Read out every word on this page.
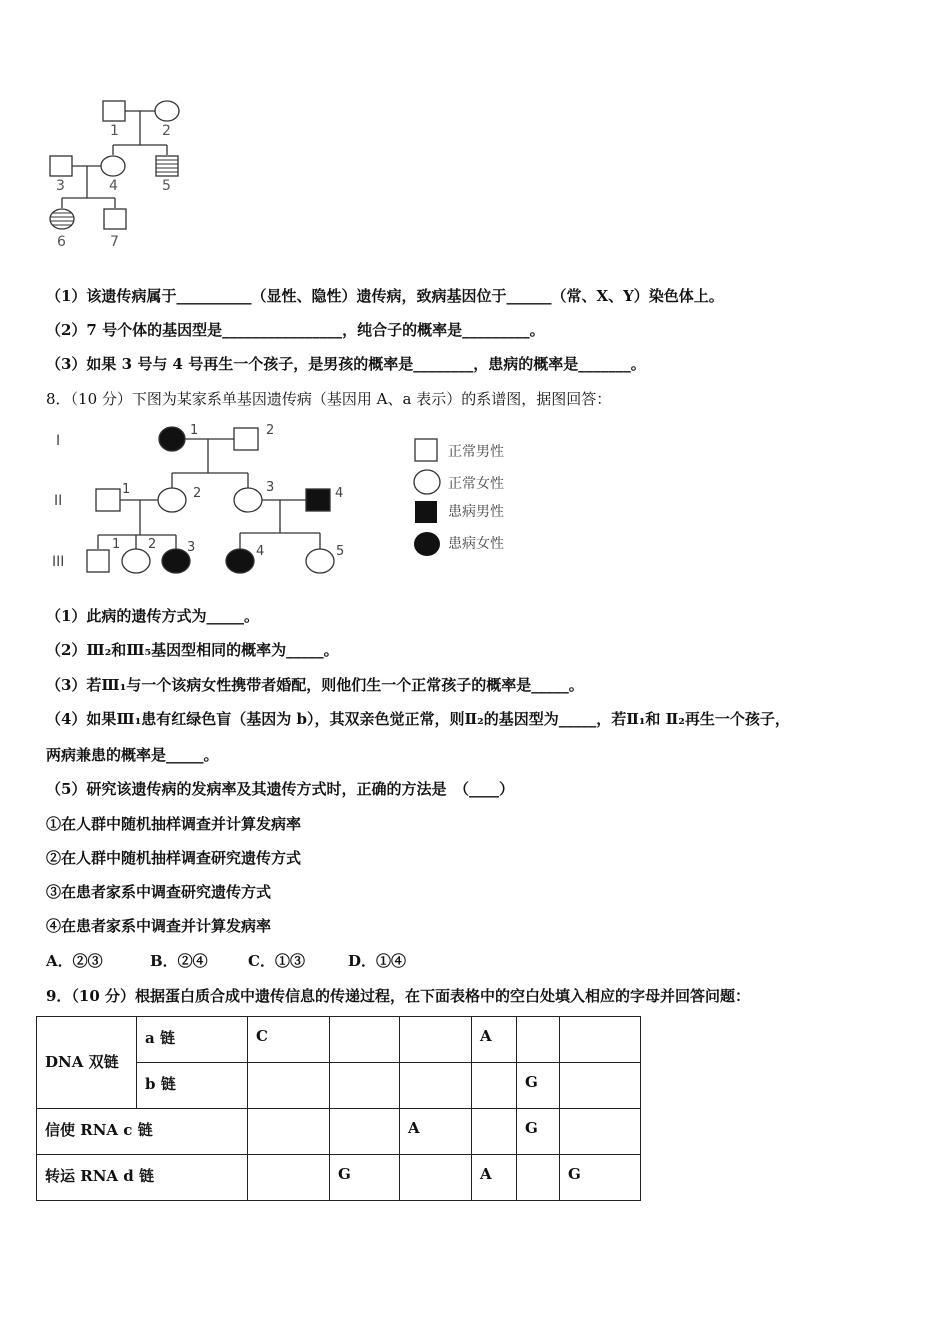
1	2
3	4	5
6	7
（1）该遗传病属于__________（显性、隐性）遗传病，致病基因位于______（常、X、Y）染色体上。
（2）7 号个体的基因型是________________，纯合子的概率是_________。
（3）如果 3 号与 4 号再生一个孩子，是男孩的概率是________，患病的概率是_______。
8．（10 分）下图为某家系单基因遗传病（基因用 A、a 表示）的系谱图，据图回答：
I
II
III
1	2
1	2	3	4
1 2 3	4	5
正常男性
正常女性
患病男性
患病女性
（1）此病的遗传方式为_____。
（2）Ⅲ₂和Ⅲ₅基因型相同的概率为_____。
（3）若Ⅲ₁与一个该病女性携带者婚配，则他们生一个正常孩子的概率是_____。
（4）如果Ⅲ₁患有红绿色盲（基因为 b），其双亲色觉正常，则Ⅱ₂的基因型为_____，若Ⅱ₁和 Ⅱ₂再生一个孩子，
两病兼患的概率是_____。
（5）研究该遗传病的发病率及其遗传方式时，正确的方法是　（____）
①在人群中随机抽样调查并计算发病率
②在人群中随机抽样调查研究遗传方式
③在患者家系中调查研究遗传方式
④在患者家系中调查并计算发病率
A．②③	B．②④	C．①③	D．①④
9．（10 分）根据蛋白质合成中遗传信息的传递过程，在下面表格中的空白处填入相应的字母并回答问题：
DNA 双链	a 链	C			A		
	b 链					G	
信使 RNA c 链				A		G	
转运 RNA d 链			G		A		G
